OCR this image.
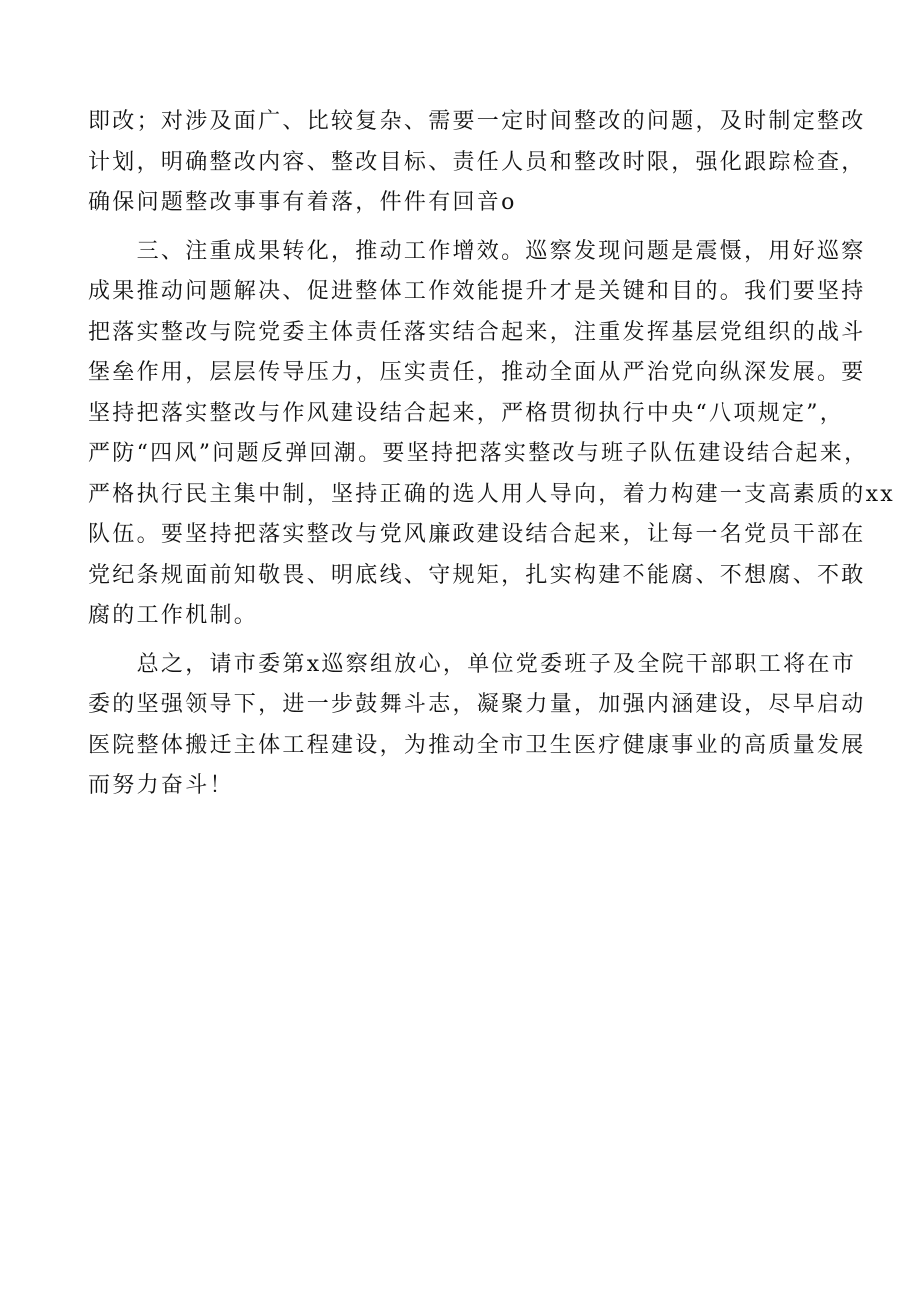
即改；对涉及面广、比较复杂、需要一定时间整改的问题，及时制定整改
计划，明确整改内容、整改目标、责任人员和整改时限，强化跟踪检查，
确保问题整改事事有着落，件件有回音o
　　三、注重成果转化，推动工作增效。巡察发现问题是震慑，用好巡察
成果推动问题解决、促进整体工作效能提升才是关键和目的。我们要坚持
把落实整改与院党委主体责任落实结合起来，注重发挥基层党组织的战斗
堡垒作用，层层传导压力，压实责任，推动全面从严治党向纵深发展。要
坚持把落实整改与作风建设结合起来，严格贯彻执行中央“八项规定”，
严防“四风”问题反弹回潮。要坚持把落实整改与班子队伍建设结合起来，
严格执行民主集中制，坚持正确的选人用人导向，着力构建一支高素质的xx
队伍。要坚持把落实整改与党风廉政建设结合起来，让每一名党员干部在
党纪条规面前知敬畏、明底线、守规矩，扎实构建不能腐、不想腐、不敢
腐的工作机制。
　　总之，请市委第x巡察组放心，单位党委班子及全院干部职工将在市
委的坚强领导下，进一步鼓舞斗志，凝聚力量，加强内涵建设，尽早启动
医院整体搬迁主体工程建设，为推动全市卫生医疗健康事业的高质量发展
而努力奋斗！
